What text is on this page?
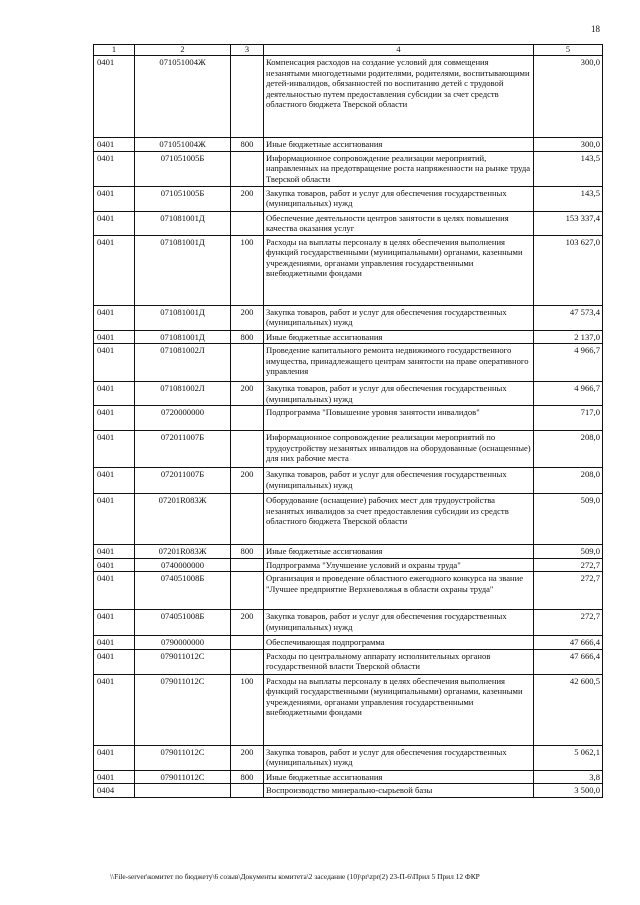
18
1	2	3	4	5
0401	071051004Ж		Компенсация расходов на создание условий для совмещения незанятыми многодетными родителями, родителями, воспитывающими детей-инвалидов, обязанностей по воспитанию детей с трудовой деятельностью путем предоставления субсидии за счет средств областного бюджета Тверской области	300,0
0401	071051004Ж	800	Иные бюджетные ассигнования	300,0
0401	071051005Б		Информационное сопровождение реализации мероприятий, направленных на предотвращение роста напряженности на рынке труда Тверской области	143,5
0401	071051005Б	200	Закупка товаров, работ и услуг для обеспечения государственных (муниципальных) нужд	143,5
0401	071081001Д		Обеспечение деятельности центров занятости в целях повышения качества оказания услуг	153 337,4
0401	071081001Д	100	Расходы на выплаты персоналу в целях обеспечения выполнения функций государственными (муниципальными) органами, казенными учреждениями, органами управления государственными внебюджетными фондами	103 627,0
0401	071081001Д	200	Закупка товаров, работ и услуг для обеспечения государственных (муниципальных) нужд	47 573,4
0401	071081001Д	800	Иные бюджетные ассигнования	2 137,0
0401	071081002Л		Проведение капитального ремонта недвижимого государственного имущества, принадлежащего центрам занятости на праве оперативного управления	4 966,7
0401	071081002Л	200	Закупка товаров, работ и услуг для обеспечения государственных (муниципальных) нужд	4 966,7
0401	0720000000		Подпрограмма "Повышение уровня занятости инвалидов"	717,0
0401	072011007Б		Информационное сопровождение реализации мероприятий по трудоустройству незанятых инвалидов на оборудованные (оснащенные) для них рабочие места	208,0
0401	072011007Б	200	Закупка товаров, работ и услуг для обеспечения государственных (муниципальных) нужд	208,0
0401	07201R083Ж		Оборудование (оснащение) рабочих мест для трудоустройства незанятых инвалидов за счет предоставления субсидии из средств областного бюджета Тверской области	509,0
0401	07201R083Ж	800	Иные бюджетные ассигнования	509,0
0401	0740000000		Подпрограмма "Улучшение условий и охраны труда"	272,7
0401	074051008Б		Организация и проведение областного ежегодного конкурса на звание "Лучшее предприятие Верхневолжья в области охраны труда"	272,7
0401	074051008Б	200	Закупка товаров, работ и услуг для обеспечения государственных (муниципальных) нужд	272,7
0401	0790000000		Обеспечивающая подпрограмма	47 666,4
0401	079011012С		Расходы по центральному аппарату исполнительных органов государственной власти Тверской области	47 666,4
0401	079011012С	100	Расходы на выплаты персоналу в целях обеспечения выполнения функций государственными (муниципальными) органами, казенными учреждениями, органами управления государственными внебюджетными фондами	42 600,5
0401	079011012С	200	Закупка товаров, работ и услуг для обеспечения государственных (муниципальных) нужд	5 062,1
0401	079011012С	800	Иные бюджетные ассигнования	3,8
0404			Воспроизводство минерально-сырьевой базы	3 500,0
\\File-server\комитет по бюджету\6 созыв\Документы комитета\2 заседание (10)\pr\zpr(2) 23-П-6\Прил 5 Прил 12 ФКР
